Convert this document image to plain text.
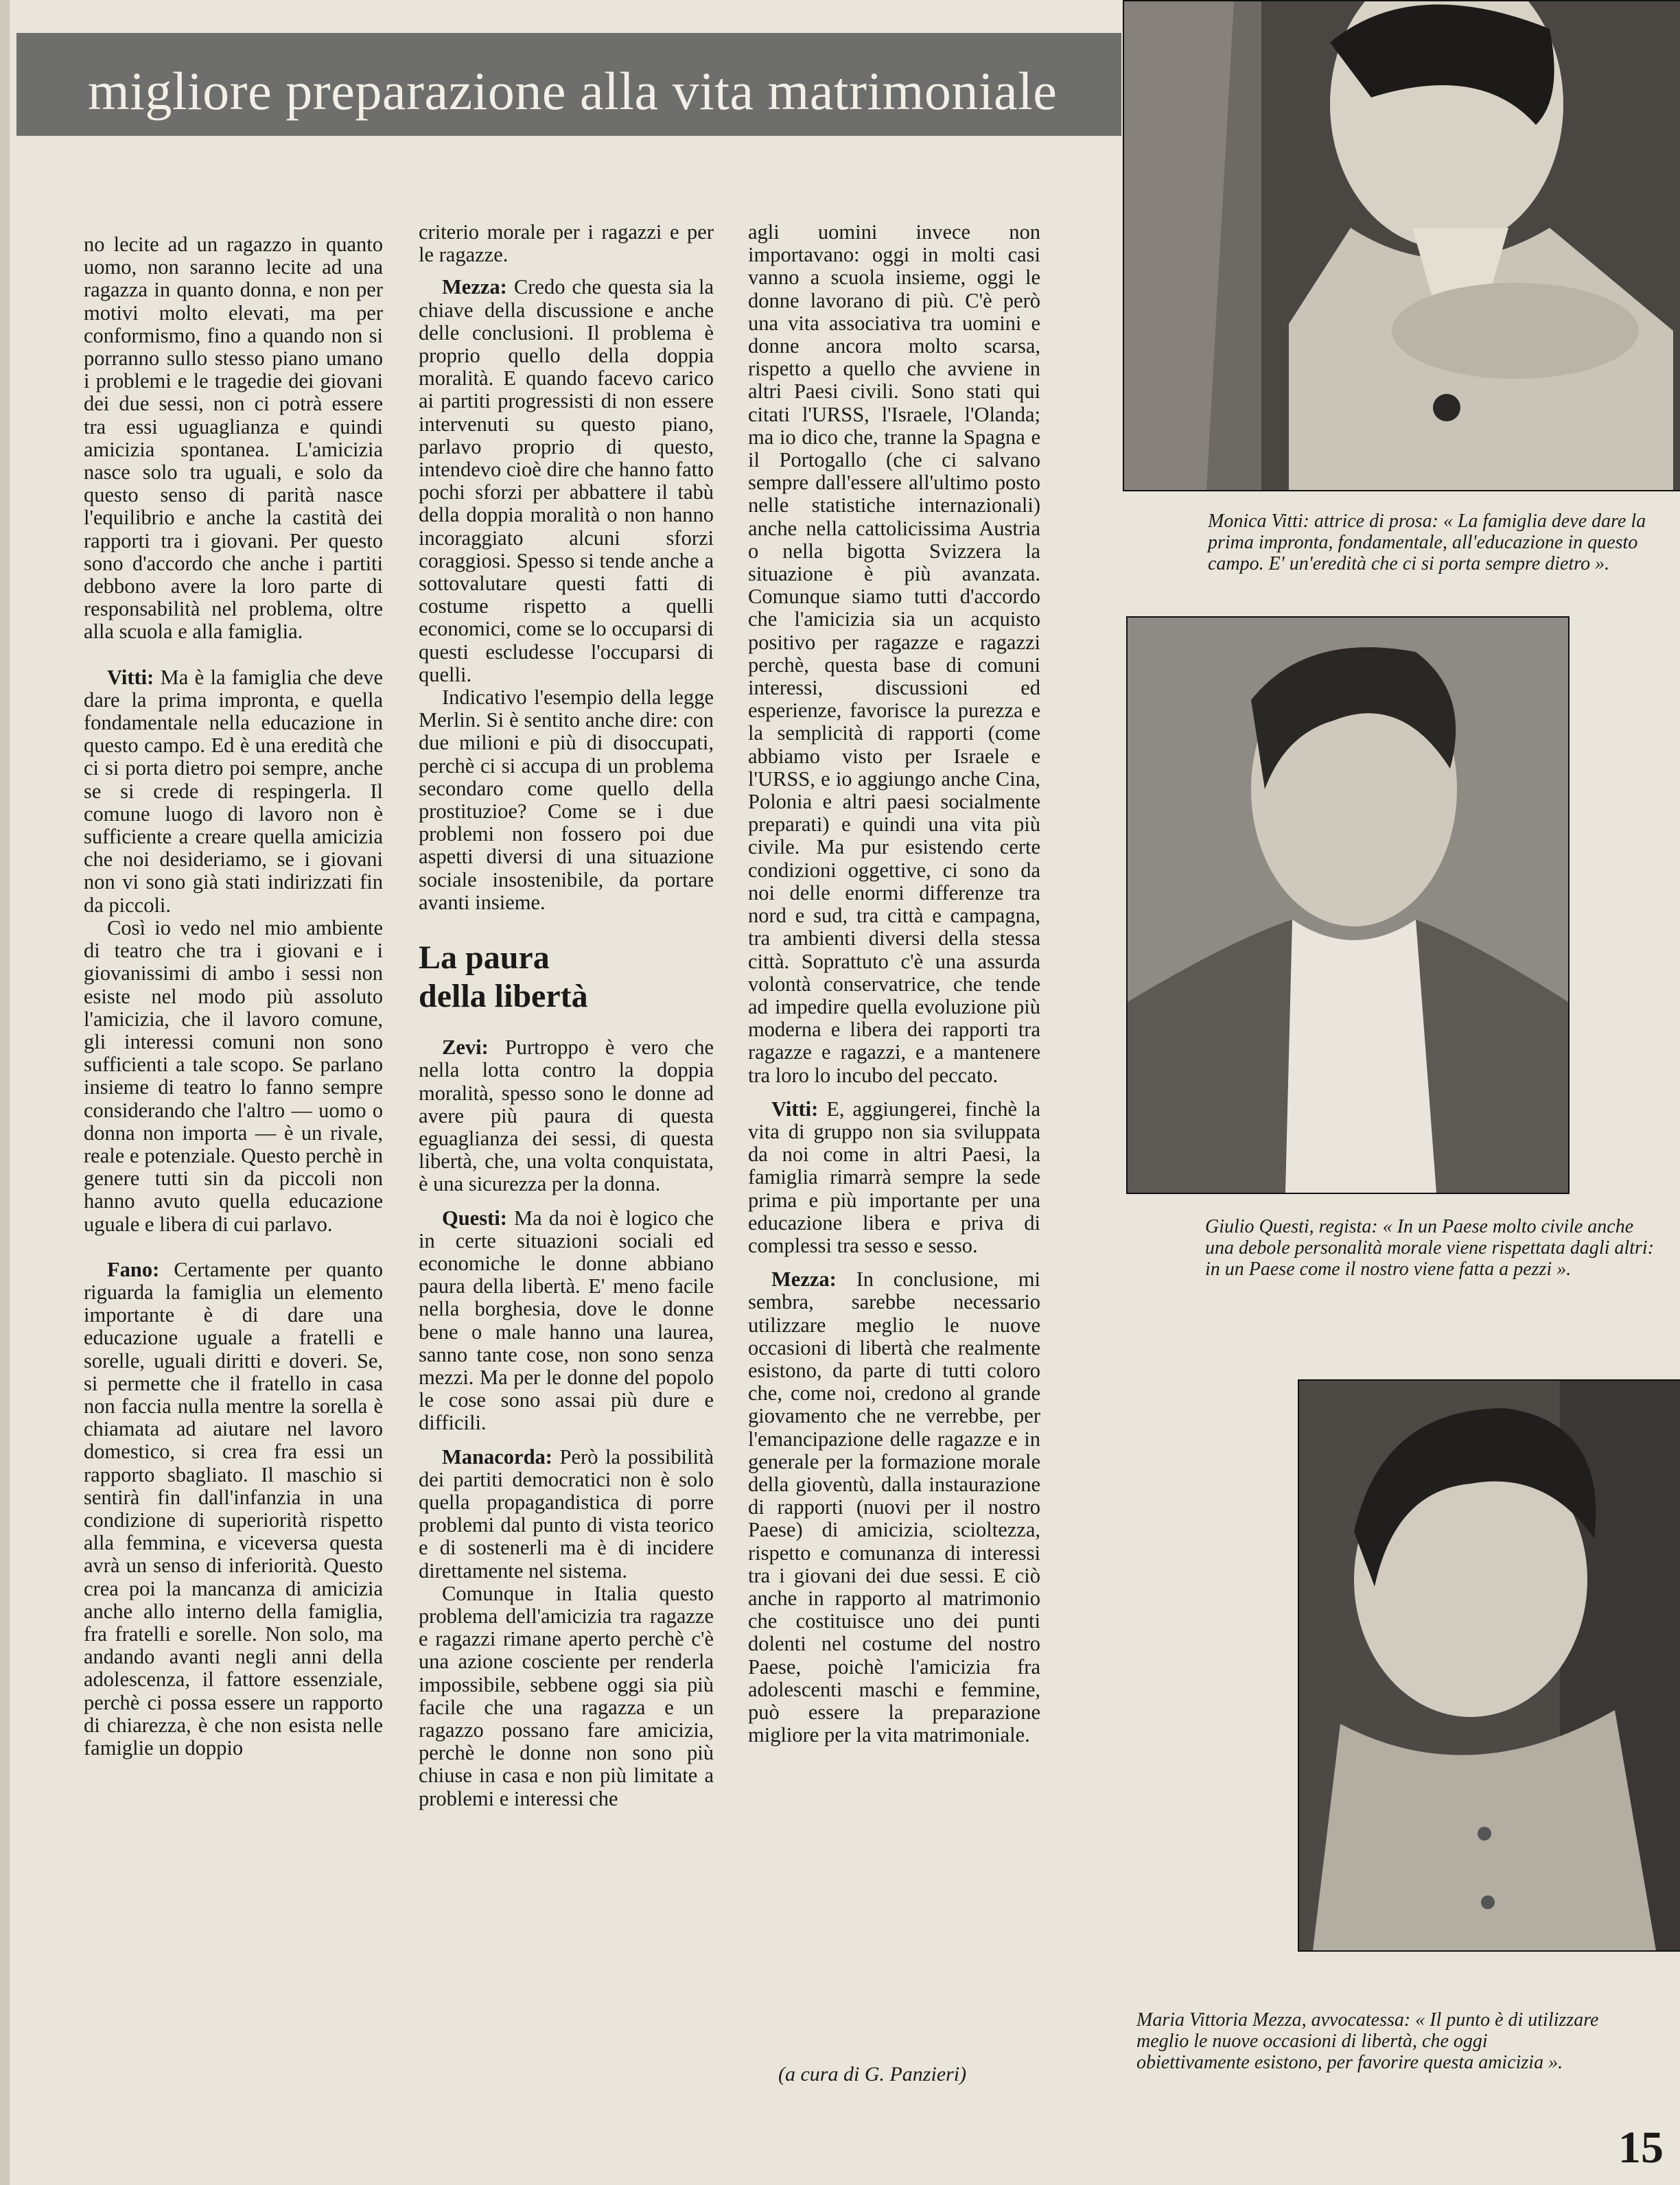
migliore preparazione alla vita matrimoniale

no lecite ad un ragazzo in quanto uomo, non saranno lecite ad una ragazza in quanto donna, e non per motivi molto elevati, ma per conformismo, fino a quando non si porranno sullo stesso piano umano i problemi e le tragedie dei giovani dei due sessi, non ci potrà essere tra essi uguaglianza e quindi amicizia spontanea. L'amicizia nasce solo tra uguali, e solo da questo senso di parità nasce l'equilibrio e anche la castità dei rapporti tra i giovani. Per questo sono d'accordo che anche i partiti debbono avere la loro parte di responsabilità nel problema, oltre alla scuola e alla famiglia.

Vitti: Ma è la famiglia che deve dare la prima impronta, e quella fondamentale nella educazione in questo campo. Ed è una eredità che ci si porta dietro poi sempre, anche se si crede di respingerla. Il comune luogo di lavoro non è sufficiente a creare quella amicizia che noi desideriamo, se i giovani non vi sono già stati indirizzati fin da piccoli.

Così io vedo nel mio ambiente di teatro che tra i giovani e i giovanissimi di ambo i sessi non esiste nel modo più assoluto l'amicizia, che il lavoro comune, gli interessi comuni non sono sufficienti a tale scopo. Se parlano insieme di teatro lo fanno sempre considerando che l'altro — uomo o donna non importa — è un rivale, reale e potenziale. Questo perchè in genere tutti sin da piccoli non hanno avuto quella educazione uguale e libera di cui parlavo.

Fano: Certamente per quanto riguarda la famiglia un elemento importante è di dare una educazione uguale a fratelli e sorelle, uguali diritti e doveri. Se, si permette che il fratello in casa non faccia nulla mentre la sorella è chiamata ad aiutare nel lavoro domestico, si crea fra essi un rapporto sbagliato. Il maschio si sentirà fin dall'infanzia in una condizione di superiorità rispetto alla femmina, e viceversa questa avrà un senso di inferiorità. Questo crea poi la mancanza di amicizia anche allo interno della famiglia, fra fratelli e sorelle. Non solo, ma andando avanti negli anni della adolescenza, il fattore essenziale, perchè ci possa essere un rapporto di chiarezza, è che non esista nelle famiglie un doppio

criterio morale per i ragazzi e per le ragazze.

Mezza: Credo che questa sia la chiave della discussione e anche delle conclusioni. Il problema è proprio quello della doppia moralità. E quando facevo carico ai partiti progressisti di non essere intervenuti su questo piano, parlavo proprio di questo, intendevo cioè dire che hanno fatto pochi sforzi per abbattere il tabù della doppia moralità o non hanno incoraggiato alcuni sforzi coraggiosi. Spesso si tende anche a sottovalutare questi fatti di costume rispetto a quelli economici, come se lo occuparsi di questi escludesse l'occuparsi di quelli.

Indicativo l'esempio della legge Merlin. Si è sentito anche dire: con due milioni e più di disoccupati, perchè ci si accupa di un problema secondaro come quello della prostituzioe? Come se i due problemi non fossero poi due aspetti diversi di una situazione sociale insostenibile, da portare avanti insieme.

La paura
della libertà

Zevi: Purtroppo è vero che nella lotta contro la doppia moralità, spesso sono le donne ad avere più paura di questa eguaglianza dei sessi, di questa libertà, che, una volta conquistata, è una sicurezza per la donna.

Questi: Ma da noi è logico che in certe situazioni sociali ed economiche le donne abbiano paura della libertà. E' meno facile nella borghesia, dove le donne bene o male hanno una laurea, sanno tante cose, non sono senza mezzi. Ma per le donne del popolo le cose sono assai più dure e difficili.

Manacorda: Però la possibilità dei partiti democratici non è solo quella propagandistica di porre problemi dal punto di vista teorico e di sostenerli ma è di incidere direttamente nel sistema.

Comunque in Italia questo problema dell'amicizia tra ragazze e ragazzi rimane aperto perchè c'è una azione cosciente per renderla impossibile, sebbene oggi sia più facile che una ragazza e un ragazzo possano fare amicizia, perchè le donne non sono più chiuse in casa e non più limitate a problemi e interessi che

agli uomini invece non importavano: oggi in molti casi vanno a scuola insieme, oggi le donne lavorano di più. C'è però una vita associativa tra uomini e donne ancora molto scarsa, rispetto a quello che avviene in altri Paesi civili. Sono stati qui citati l'URSS, l'Israele, l'Olanda; ma io dico che, tranne la Spagna e il Portogallo (che ci salvano sempre dall'essere all'ultimo posto nelle statistiche internazionali) anche nella cattolicissima Austria o nella bigotta Svizzera la situazione è più avanzata. Comunque siamo tutti d'accordo che l'amicizia sia un acquisto positivo per ragazze e ragazzi perchè, questa base di comuni interessi, discussioni ed esperienze, favorisce la purezza e la semplicità di rapporti (come abbiamo visto per Israele e l'URSS, e io aggiungo anche Cina, Polonia e altri paesi socialmente preparati) e quindi una vita più civile. Ma pur esistendo certe condizioni oggettive, ci sono da noi delle enormi differenze tra nord e sud, tra città e campagna, tra ambienti diversi della stessa città. Soprattuto c'è una assurda volontà conservatrice, che tende ad impedire quella evoluzione più moderna e libera dei rapporti tra ragazze e ragazzi, e a mantenere tra loro lo incubo del peccato.

Vitti: E, aggiungerei, finchè la vita di gruppo non sia sviluppata da noi come in altri Paesi, la famiglia rimarrà sempre la sede prima e più importante per una educazione libera e priva di complessi tra sesso e sesso.

Mezza: In conclusione, mi sembra, sarebbe necessario utilizzare meglio le nuove occasioni di libertà che realmente esistono, da parte di tutti coloro che, come noi, credono al grande giovamento che ne verrebbe, per l'emancipazione delle ragazze e in generale per la formazione morale della gioventù, dalla instaurazione di rapporti (nuovi per il nostro Paese) di amicizia, scioltezza, rispetto e comunanza di interessi tra i giovani dei due sessi. E ciò anche in rapporto al matrimonio che costituisce uno dei punti dolenti nel costume del nostro Paese, poichè l'amicizia fra adolescenti maschi e femmine, può essere la preparazione migliore per la vita matrimoniale.

(a cura di G. Panzieri)
Monica Vitti: attrice di prosa: « La famiglia deve dare la prima impronta, fondamentale, all'educazione in questo campo. E' un'eredità che ci si porta sempre dietro ».
Giulio Questi, regista: « In un Paese molto civile anche una debole personalità morale viene rispettata dagli altri: in un Paese come il nostro viene fatta a pezzi ».
Maria Vittoria Mezza, avvocatessa: « Il punto è di utilizzare meglio le nuove occasioni di libertà, che oggi obiettivamente esistono, per favorire questa amicizia ».
15
